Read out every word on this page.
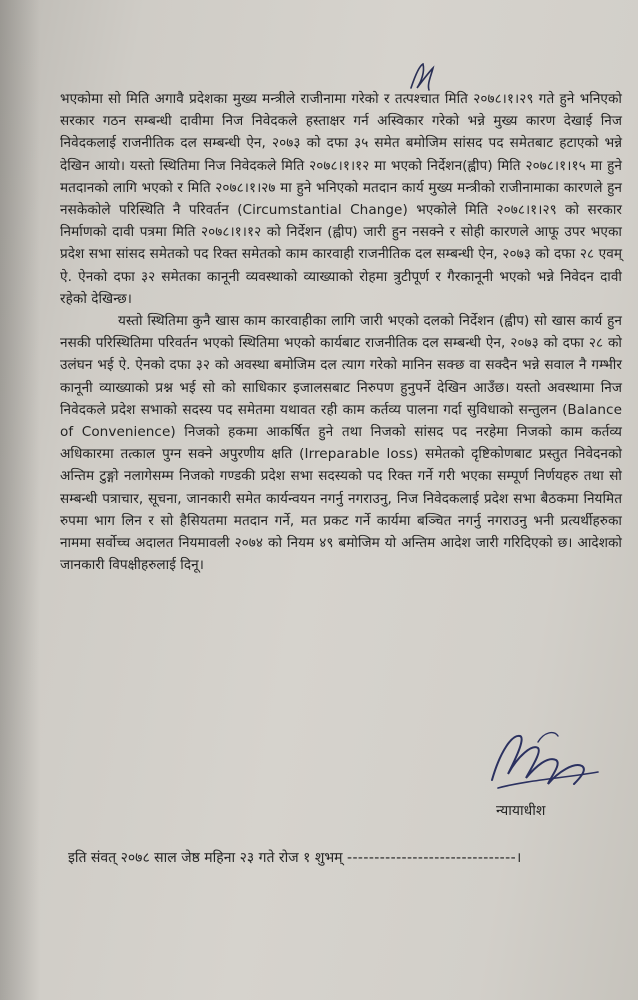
भएकोमा सो मिति अगावै प्रदेशका मुख्य मन्त्रीले राजीनामा गरेको र तत्पश्चात मिति २०७८।१।२९ गते हुने भनिएको सरकार गठन सम्बन्धी दावीमा निज निवेदकले हस्ताक्षर गर्न अस्विकार गरेको भन्ने मुख्य कारण देखाई निज निवेदकलाई राजनीतिक दल सम्बन्धी ऐन, २०७३ को दफा ३५ समेत बमोजिम सांसद पद समेतबाट हटाएको भन्ने देखिन आयो। यस्तो स्थितिमा निज निवेदकले मिति २०७८।१।१२ मा भएको निर्देशन(ह्वीप) मिति २०७८।१।१५ मा हुने मतदानको लागि भएको र मिति २०७८।१।२७ मा हुने भनिएको मतदान कार्य मुख्य मन्त्रीको राजीनामाका कारणले हुन नसकेकोले परिस्थिति नै परिवर्तन (Circumstantial Change) भएकोले मिति २०७८।१।२९ को सरकार निर्माणको दावी पत्रमा मिति २०७८।१।१२ को निर्देशन (ह्वीप) जारी हुन नसक्ने र सोही कारणले आफू उपर भएका प्रदेश सभा सांसद समेतको पद रिक्त समेतको काम कारवाही राजनीतिक दल सम्बन्धी ऐन, २०७३ को दफा २८ एवम् ऐ. ऐनको दफा ३२ समेतका कानूनी व्यवस्थाको व्याख्याको रोहमा त्रुटीपूर्ण र गैरकानूनी भएको भन्ने निवेदन दावी रहेको देखिन्छ।

यस्तो स्थितिमा कुनै खास काम कारवाहीका लागि जारी भएको दलको निर्देशन (ह्वीप) सो खास कार्य हुन नसकी परिस्थितिमा परिवर्तन भएको स्थितिमा भएको कार्यबाट राजनीतिक दल सम्बन्धी ऐन, २०७३ को दफा २८ को उलंघन भई ऐ. ऐनको दफा ३२ को अवस्था बमोजिम दल त्याग गरेको मानिन सक्छ वा सक्दैन भन्ने सवाल नै गम्भीर कानूनी व्याख्याको प्रश्न भई सो को साधिकार इजालसबाट निरुपण हुनुपर्ने देखिन आउँछ। यस्तो अवस्थामा निज निवेदकले प्रदेश सभाको सदस्य पद समेतमा यथावत रही काम कर्तव्य पालना गर्दा सुविधाको सन्तुलन (Balance of Convenience) निजको हकमा आकर्षित हुने तथा निजको सांसद पद नरहेमा निजको काम कर्तव्य अधिकारमा तत्काल पुग्न सक्ने अपुरणीय क्षति (Irreparable loss) समेतको दृष्टिकोणबाट प्रस्तुत निवेदनको अन्तिम टुङ्गो नलागेसम्म निजको गण्डकी प्रदेश सभा सदस्यको पद रिक्त गर्ने गरी भएका सम्पूर्ण निर्णयहरु तथा सो सम्बन्धी पत्राचार, सूचना, जानकारी समेत कार्यन्वयन नगर्नु नगराउनु, निज निवेदकलाई प्रदेश सभा बैठकमा नियमित रुपमा भाग लिन र सो हैसियतमा मतदान गर्ने, मत प्रकट गर्ने कार्यमा बञ्चित नगर्नु नगराउनु भनी प्रत्यर्थीहरुका नाममा सर्वोच्च अदालत नियमावली २०७४ को नियम ४९ बमोजिम यो अन्तिम आदेश जारी गरिदिएको छ। आदेशको जानकारी विपक्षीहरुलाई दिनू।

न्यायाधीश
इति संवत् २०७८ साल जेष्ठ महिना २३ गते रोज १ शुभम् -------------------------------।
